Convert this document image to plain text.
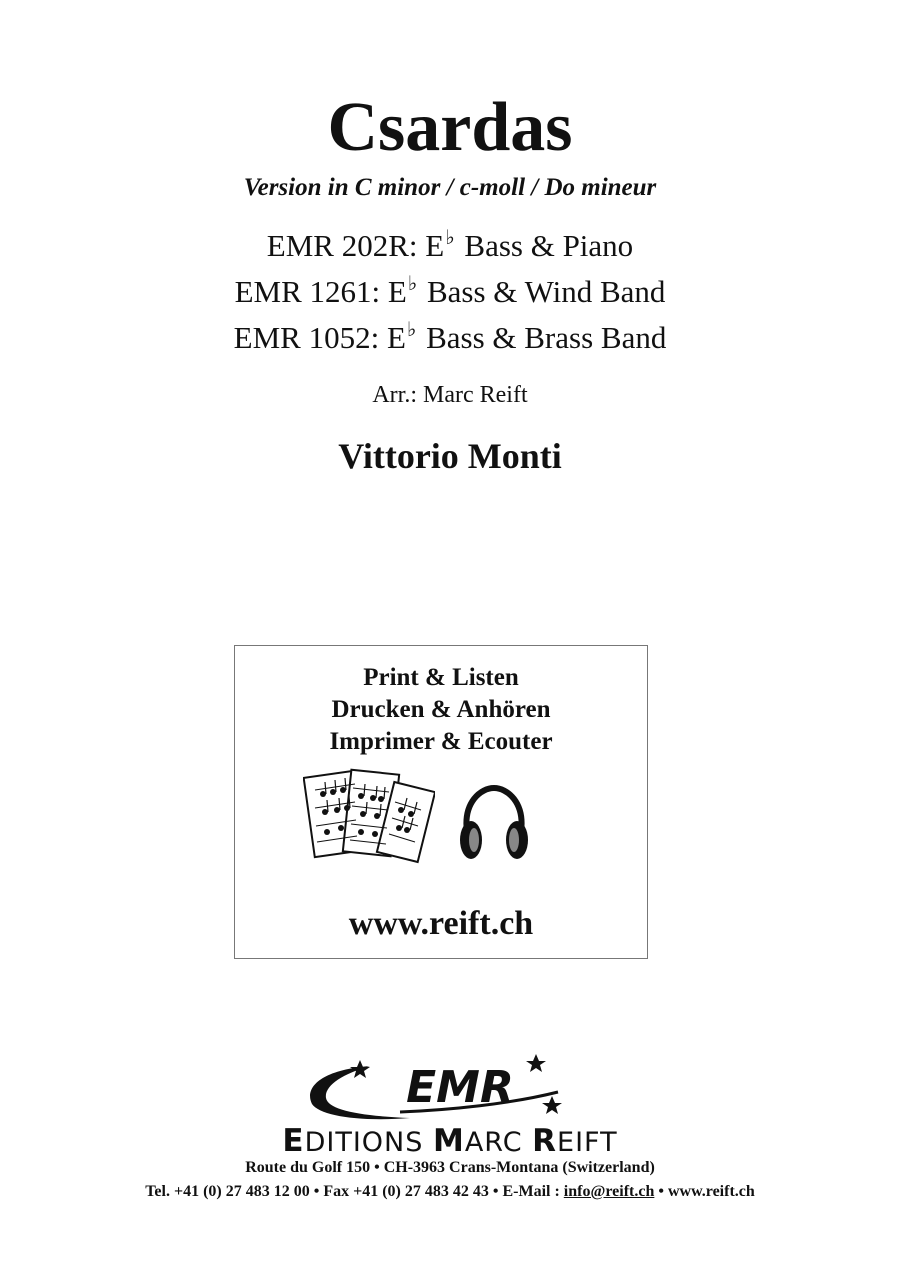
Csardas
Version in C minor / c-moll / Do mineur
EMR 202R: E♭ Bass & Piano
EMR 1261: E♭ Bass & Wind Band
EMR 1052: E♭ Bass & Brass Band
Arr.: Marc Reift
Vittorio Monti
Print & Listen
Drucken & Anhören
Imprimer & Ecouter
www.reift.ch
EMR
EDITIONS MARC REIFT
Route du Golf 150 • CH-3963 Crans-Montana (Switzerland)
Tel. +41 (0) 27 483 12 00 • Fax +41 (0) 27 483 42 43 • E-Mail : info@reift.ch • www.reift.ch
